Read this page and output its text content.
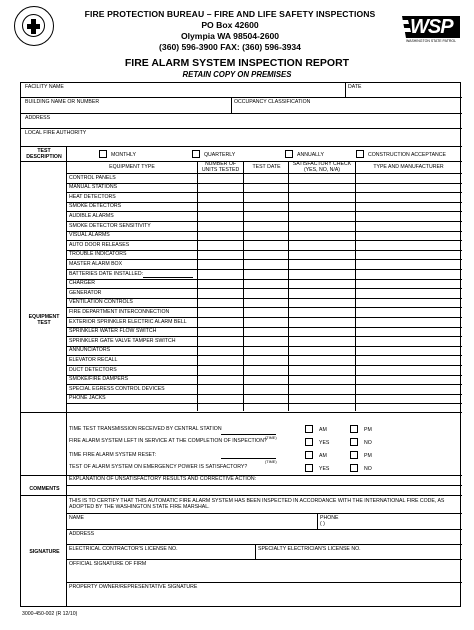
FIRE PROTECTION BUREAU – FIRE AND LIFE SAFETY INSPECTIONS
PO Box 42600
Olympia WA 98504-2600
(360) 596-3900 FAX: (360) 596-3934
WSP
WASHINGTON STATE PATROL
FIRE ALARM SYSTEM INSPECTION REPORT
RETAIN COPY ON PREMISES
FACILITY NAME	DATE
BUILDING NAME OR NUMBER	OCCUPANCY CLASSIFICATION
ADDRESS
LOCAL FIRE AUTHORITY
TEST DESCRIPTION	MONTHLY	QUARTERLY	ANNUALLY	CONSTRUCTION ACCEPTANCE
EQUIPMENT TYPE	NUMBER OF UNITS TESTED	TEST DATE	SATISFACTORY CHECK (YES, NO, N/A)	TYPE AND MANUFACTURER
CONTROL PANELS
MANUAL STATIONS
HEAT DETECTORS
SMOKE DETECTORS
AUDIBLE ALARMS
SMOKE DETECTOR SENSITIVITY
VISUAL ALARMS
AUTO DOOR RELEASES
TROUBLE INDICATORS
MASTER ALARM BOX
BATTERIES DATE INSTALLED:
CHARGER
GENERATOR
VENTILATION CONTROLS
FIRE DEPARTMENT INTERCONNECTION
EXTERIOR SPRINKLER ELECTRIC ALARM BELL
SPRINKLER WATER FLOW SWITCH
SPRINKLER GATE VALVE TAMPER SWITCH
ANNUNCIATORS
ELEVATOR RECALL
DUCT DETECTORS
SMOKE/FIRE DAMPERS
SPECIAL EGRESS CONTROL DEVICES
PHONE JACKS
EQUIPMENT TEST
TIME TEST TRANSMISSION RECEIVED BY CENTRAL STATION
(TIME)
AM	PM
FIRE ALARM SYSTEM LEFT IN SERVICE AT THE COMPLETION OF INSPECTION?	YES	NO
TIME FIRE ALARM SYSTEM RESET:
(TIME)
AM	PM
TEST OF ALARM SYSTEM ON EMERGENCY POWER IS SATISFACTORY?	YES	NO
EXPLANATION OF UNSATISFACTORY RESULTS AND CORRECTIVE ACTION:
COMMENTS
THIS IS TO CERTIFY THAT THIS AUTOMATIC FIRE ALARM SYSTEM HAS BEEN INSPECTED IN ACCORDANCE WITH THE INTERNATIONAL FIRE CODE, AS ADOPTED BY THE WASHINGTON STATE FIRE MARSHAL.
NAME	PHONE
( )
ADDRESS
ELECTRICAL CONTRACTOR'S LICENSE NO.	SPECIALTY ELECTRICIAN'S LICENSE NO.
OFFICIAL SIGNATURE OF FIRM
PROPERTY OWNER/REPRESENTATIVE SIGNATURE
SIGNATURE
3000-450-002 (R 12/10)
